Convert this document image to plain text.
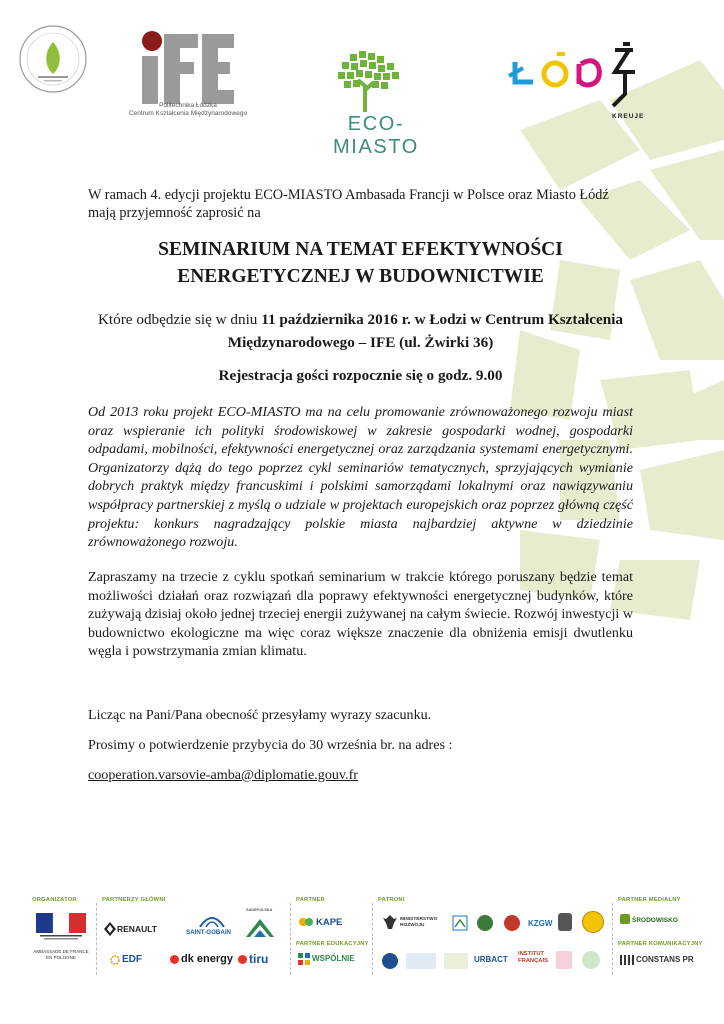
Politechnika Łódzka
Centrum Kształcenia Międzynarodowego	ECO-MIASTO
KREUJE
W ramach 4. edycji projektu ECO-MIASTO Ambasada Francji w Polsce oraz Miasto Łódź mają przyjemność zaprosić na
SEMINARIUM NA TEMAT EFEKTYWNOŚCI
ENERGETYCZNEJ W BUDOWNICTWIE
Które odbędzie się w dniu 11 października 2016 r. w Łodzi w Centrum Kształcenia Międzynarodowego – IFE (ul. Żwirki 36)
Rejestracja gości rozpocznie się o godz. 9.00
Od 2013 roku projekt ECO-MIASTO ma na celu promowanie zrównoważonego rozwoju miast oraz wspieranie ich polityki środowiskowej w zakresie gospodarki wodnej, gospodarki odpadami, mobilności, efektywności energetycznej oraz zarządzania systemami energetycznymi. Organizatorzy dążą do tego poprzez cykl seminariów tematycznych, sprzyjających wymianie dobrych praktyk między francuskimi i polskimi samorządami lokalnymi oraz nawiązywaniu współpracy partnerskiej z myślą o udziale w projektach europejskich oraz poprzez główną część projektu: konkurs nagradzający polskie miasta najbardziej aktywne w dziedzinie zrównoważonego rozwoju.
Zapraszamy na trzecie z cyklu spotkań seminarium w trakcie którego poruszany będzie temat możliwości działań oraz rozwiązań dla poprawy efektywności energetycznej budynków, które zużywają dzisiaj około jednej trzeciej energii zużywanej na całym świecie. Rozwój inwestycji w budownictwo ekologiczne ma więc coraz większe znaczenie dla obniżenia emisji dwutlenku węgla i powstrzymania zmian klimatu.
Licząc na Pani/Pana obecność przesyłamy wyrazy szacunku.
Prosimy o potwierdzenie przybycia do 30 września br. na adres :
cooperation.varsovie-amba@diplomatie.gouv.fr
ORGANIZATOR
AMBASSADE DE FRANCE EN POLOGNE
PARTNERZY GŁÓWNI
RENAULT	SAINT-GOBAIN
SADEPOLSKA
EDF	dk energy tiru
PARTNER
KAPE
PARTNER EDUKACYJNY
WSPÓLNIE
PATRONI
MINISTERSTWO ROZWOJU	KZGW
URBACT
INSTITUT FRANÇAIS
PARTNER MEDIALNY
ŚRODOWISKO
PARTNER KOMUNIKACYJNY
CONSTANS PR
